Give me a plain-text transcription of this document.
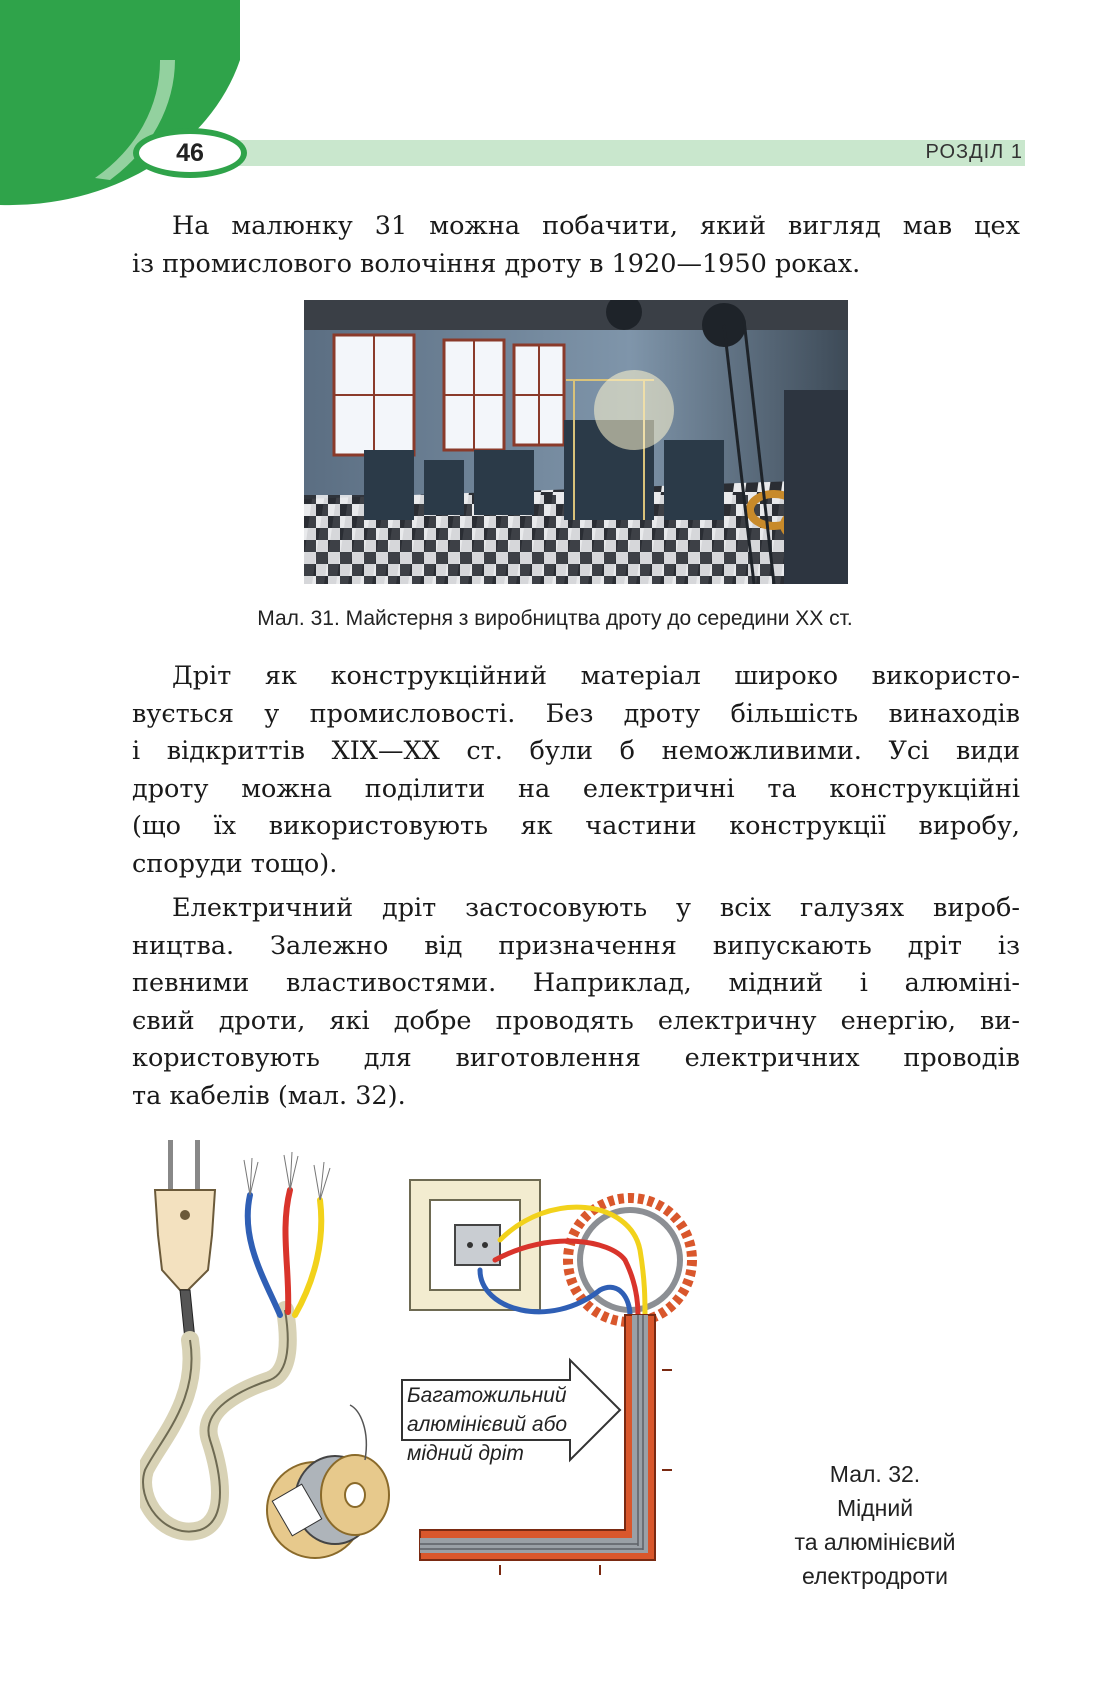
46	РОЗДІЛ 1

На малюнку 31 можна побачити, який вигляд мав цех
із промислового волочіння дроту в 1920—1950 роках.

Мал. 31. Майстерня з виробництва дроту до середини XX ст.

Дріт як конструкційний матеріал широко використо-
вується у промисловості. Без дроту більшість винаходів
і відкриттів XIX—XX ст. були б неможливими. Усі види
дроту можна поділити на електричні та конструкційні
(що їх використовують як частини конструкції виробу,
споруди тощо).

Електричний дріт застосовують у всіх галузях вироб-
ництва. Залежно від призначення випускають дріт із
певними властивостями. Наприклад, мідний і алюміні-
євий дроти, які добре проводять електричну енергію, ви-
користовують для виготовлення електричних проводів
та кабелів (мал. 32).

Багатожильний
алюмінієвий або
мідний дріт
Мал. 32.
Мідний
та алюмінієвий
електродроти
